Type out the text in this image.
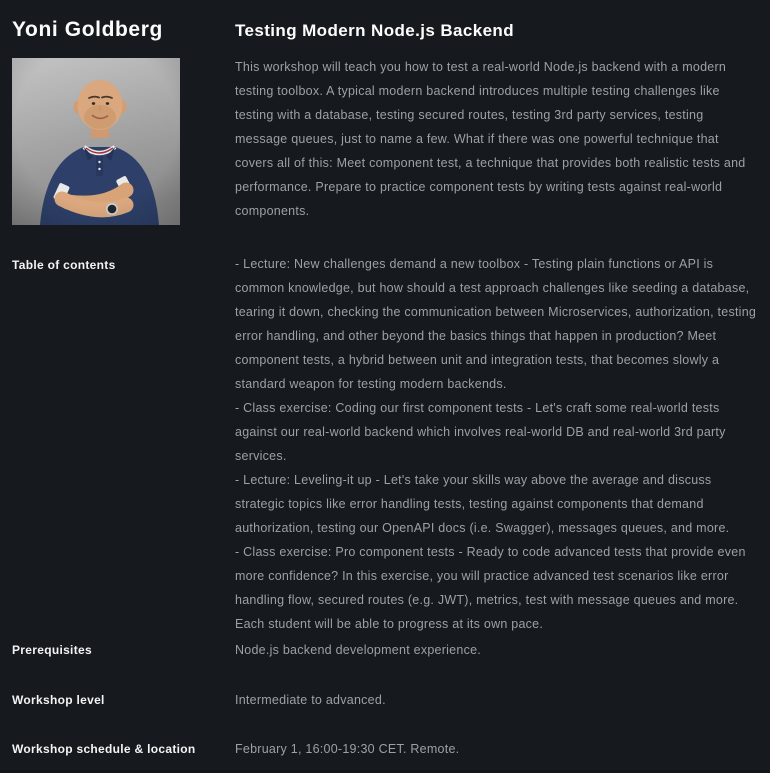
Yoni Goldberg	Testing Modern Node.js Backend

This workshop will teach you how to test a real-world Node.js backend with a modern testing toolbox. A typical modern backend introduces multiple testing challenges like testing with a database, testing secured routes, testing 3rd party services, testing message queues, just to name a few. What if there was one powerful technique that covers all of this: Meet component test, a technique that provides both realistic tests and performance. Prepare to practice component tests by writing tests against real-world components.

Table of contents	- Lecture: New challenges demand a new toolbox - Testing plain functions or API is common knowledge, but how should a test approach challenges like seeding a database, tearing it down, checking the communication between Microservices, authorization, testing error handling, and other beyond the basics things that happen in production? Meet component tests, a hybrid between unit and integration tests, that becomes slowly a standard weapon for testing modern backends.
- Class exercise: Coding our first component tests - Let's craft some real-world tests against our real-world backend which involves real-world DB and real-world 3rd party services.
- Lecture: Leveling-it up - Let's take your skills way above the average and discuss strategic topics like error handling tests, testing against components that demand authorization, testing our OpenAPI docs (i.e. Swagger), messages queues, and more.
- Class exercise: Pro component tests - Ready to code advanced tests that provide even more confidence? In this exercise, you will practice advanced test scenarios like error handling flow, secured routes (e.g. JWT), metrics, test with message queues and more. Each student will be able to progress at its own pace.

Prerequisites	Node.js backend development experience.

Workshop level	Intermediate to advanced.

Workshop schedule & location	February 1, 16:00-19:30 CET. Remote.
